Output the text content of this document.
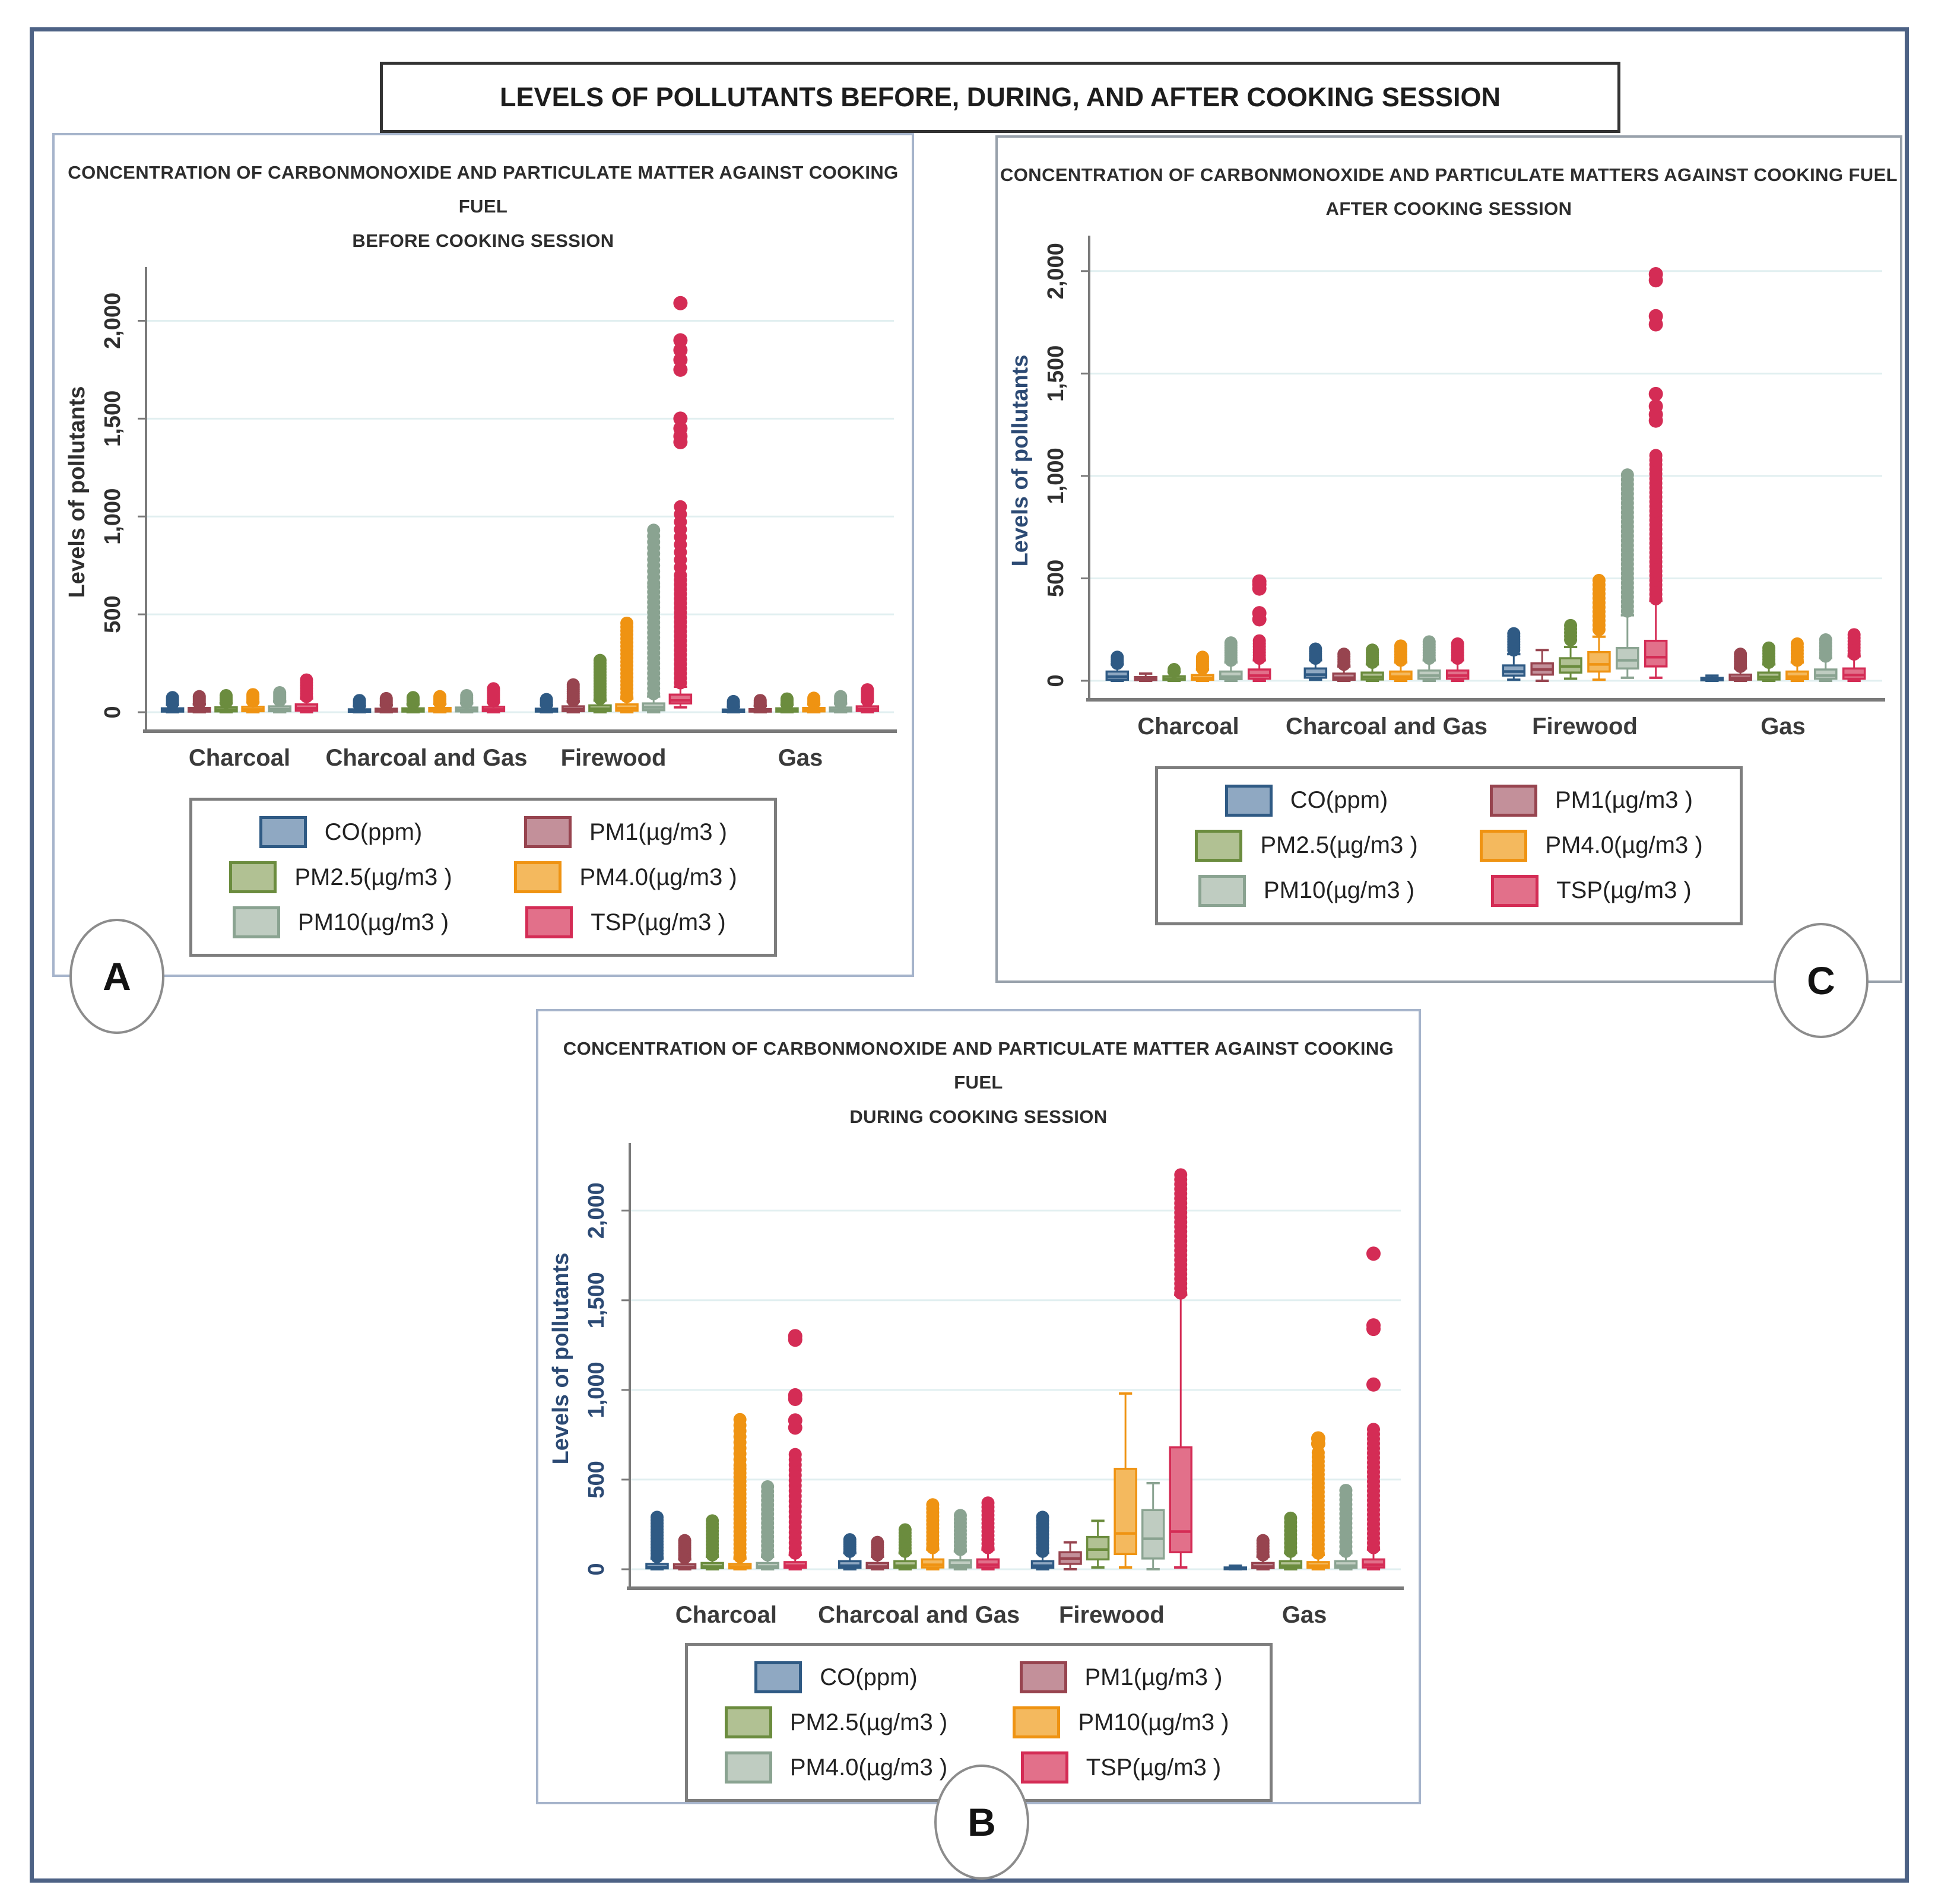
LEVELS OF POLLUTANTS BEFORE, DURING, AND AFTER COOKING SESSION
CONCENTRATION OF CARBONMONOXIDE AND PARTICULATE MATTER AGAINST COOKING FUEL
BEFORE COOKING SESSION
0
500
1,000
1,500
2,000
Levels of pollutants
Charcoal Charcoal and Gas Firewood	Gas
CO(ppm)	PM1(µg/m3 )
PM2.5(µg/m3 )	PM4.0(µg/m3 )
PM10(µg/m3 )	TSP(µg/m3 )
CONCENTRATION OF CARBONMONOXIDE AND PARTICULATE MATTERS AGAINST COOKING FUEL
AFTER COOKING SESSION
0
500
1,000
1,500
2,000
Levels of pollutants
Charcoal Charcoal and Gas Firewood	Gas
CO(ppm)	PM1(µg/m3 )
PM2.5(µg/m3 )	PM4.0(µg/m3 )
PM10(µg/m3 )	TSP(µg/m3 )
CONCENTRATION OF CARBONMONOXIDE AND PARTICULATE MATTER AGAINST COOKING FUEL
DURING COOKING SESSION
0
500
1,000
1,500
2,000
Levels of pollutants
Charcoal Charcoal and Gas Firewood	Gas
CO(ppm)	PM1(µg/m3 )
PM2.5(µg/m3 )	PM10(µg/m3 )
PM4.0(µg/m3 )	TSP(µg/m3 )
A	C
B
